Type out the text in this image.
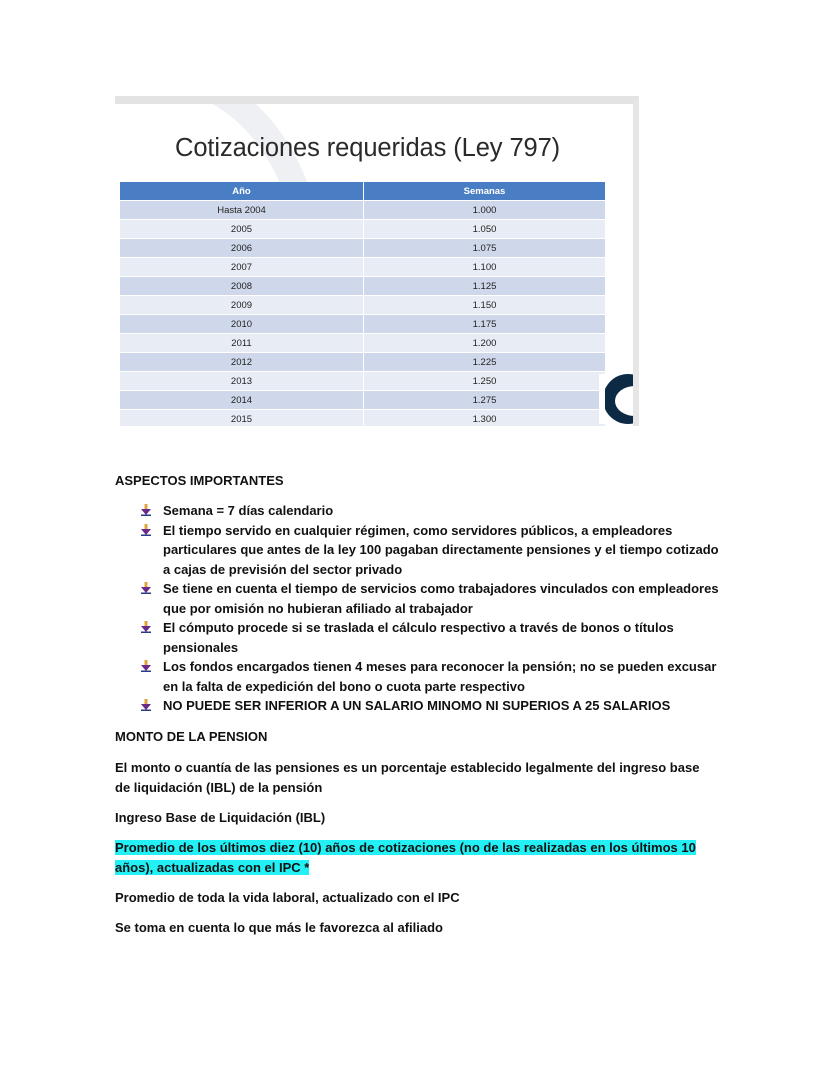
Cotizaciones requeridas (Ley 797)
Año	Semanas
Hasta 2004	1.000
2005	1.050
2006	1.075
2007	1.100
2008	1.125
2009	1.150
2010	1.175
2011	1.200
2012	1.225
2013	1.250
2014	1.275
2015	1.300
ASPECTOS IMPORTANTES
Semana = 7 días calendario
El tiempo servido en cualquier régimen, como servidores públicos, a empleadores particulares que antes de la ley 100 pagaban directamente pensiones y el tiempo cotizado a cajas de previsión del sector privado
Se tiene en cuenta el tiempo de servicios como trabajadores vinculados con empleadores que por omisión no hubieran afiliado al trabajador
El cómputo procede si se traslada el cálculo respectivo a través de bonos o títulos pensionales
Los fondos encargados tienen 4 meses para reconocer la pensión; no se pueden excusar en la falta de expedición del bono o cuota parte respectivo
NO PUEDE SER INFERIOR A UN SALARIO MINOMO NI SUPERIOS A 25 SALARIOS
MONTO DE LA PENSION
El monto o cuantía de las pensiones es un porcentaje establecido legalmente del ingreso base de liquidación (IBL) de la pensión
Ingreso Base de Liquidación (IBL)
Promedio de los últimos diez (10) años de cotizaciones (no de las realizadas en los últimos 10 años), actualizadas con el IPC *
Promedio de toda la vida laboral, actualizado con el IPC
Se toma en cuenta lo que más le favorezca al afiliado
